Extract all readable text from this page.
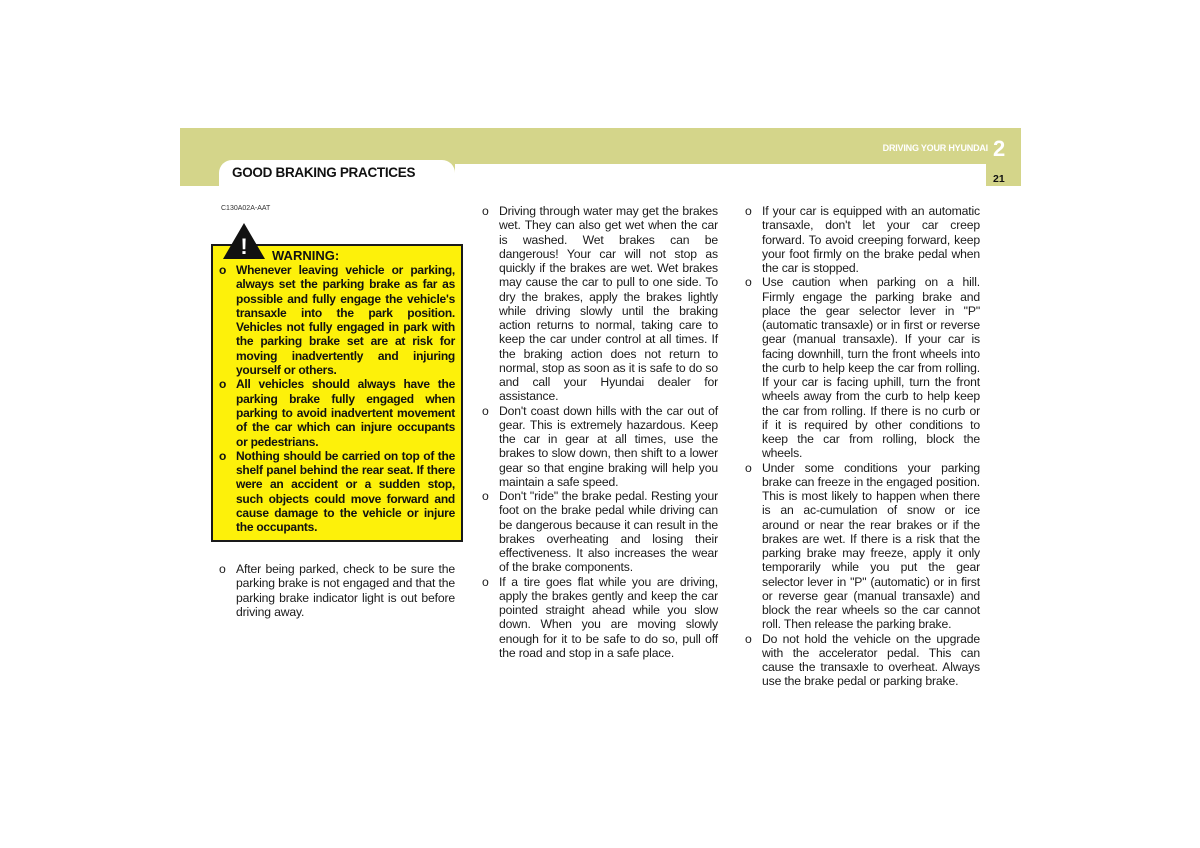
GOOD BRAKING PRACTICES
DRIVING YOUR HYUNDAI 2
21
C130A02A-AAT
! WARNING:
o Whenever leaving vehicle or parking, always set the parking brake as far as possible and fully engage the vehicle's transaxle into the park position. Vehicles not fully engaged in park with the parking brake set are at risk for moving inadvertently and injuring yourself or others.
o All vehicles should always have the parking brake fully engaged when parking to avoid inadvertent movement of the car which can injure occupants or pedestrians.
o Nothing should be carried on top of the shelf panel behind the rear seat. If there were an accident or a sudden stop, such objects could move forward and cause damage to the vehicle or injure the occupants.
o After being parked, check to be sure the parking brake is not engaged and that the parking brake indicator light is out before driving away.
o Driving through water may get the brakes wet. They can also get wet when the car is washed. Wet brakes can be dangerous! Your car will not stop as quickly if the brakes are wet. Wet brakes may cause the car to pull to one side. To dry the brakes, apply the brakes lightly while driving slowly until the braking action returns to normal, taking care to keep the car under control at all times. If the braking action does not return to normal, stop as soon as it is safe to do so and call your Hyundai dealer for assistance.
o Don't coast down hills with the car out of gear. This is extremely hazardous. Keep the car in gear at all times, use the brakes to slow down, then shift to a lower gear so that engine braking will help you maintain a safe speed.
o Don't "ride" the brake pedal. Resting your foot on the brake pedal while driving can be dangerous because it can result in the brakes overheating and losing their effectiveness. It also increases the wear of the brake components.
o If a tire goes flat while you are driving, apply the brakes gently and keep the car pointed straight ahead while you slow down. When you are moving slowly enough for it to be safe to do so, pull off the road and stop in a safe place.
o If your car is equipped with an automatic transaxle, don't let your car creep forward. To avoid creeping forward, keep your foot firmly on the brake pedal when the car is stopped.
o Use caution when parking on a hill. Firmly engage the parking brake and place the gear selector lever in "P" (automatic transaxle) or in first or reverse gear (manual transaxle). If your car is facing downhill, turn the front wheels into the curb to help keep the car from rolling. If your car is facing uphill, turn the front wheels away from the curb to help keep the car from rolling. If there is no curb or if it is required by other conditions to keep the car from rolling, block the wheels.
o Under some conditions your parking brake can freeze in the engaged position. This is most likely to happen when there is an ac-cumulation of snow or ice around or near the rear brakes or if the brakes are wet. If there is a risk that the parking brake may freeze, apply it only temporarily while you put the gear selector lever in "P" (automatic) or in first or reverse gear (manual transaxle) and block the rear wheels so the car cannot roll. Then release the parking brake.
o Do not hold the vehicle on the upgrade with the accelerator pedal. This can cause the transaxle to overheat. Always use the brake pedal or parking brake.
